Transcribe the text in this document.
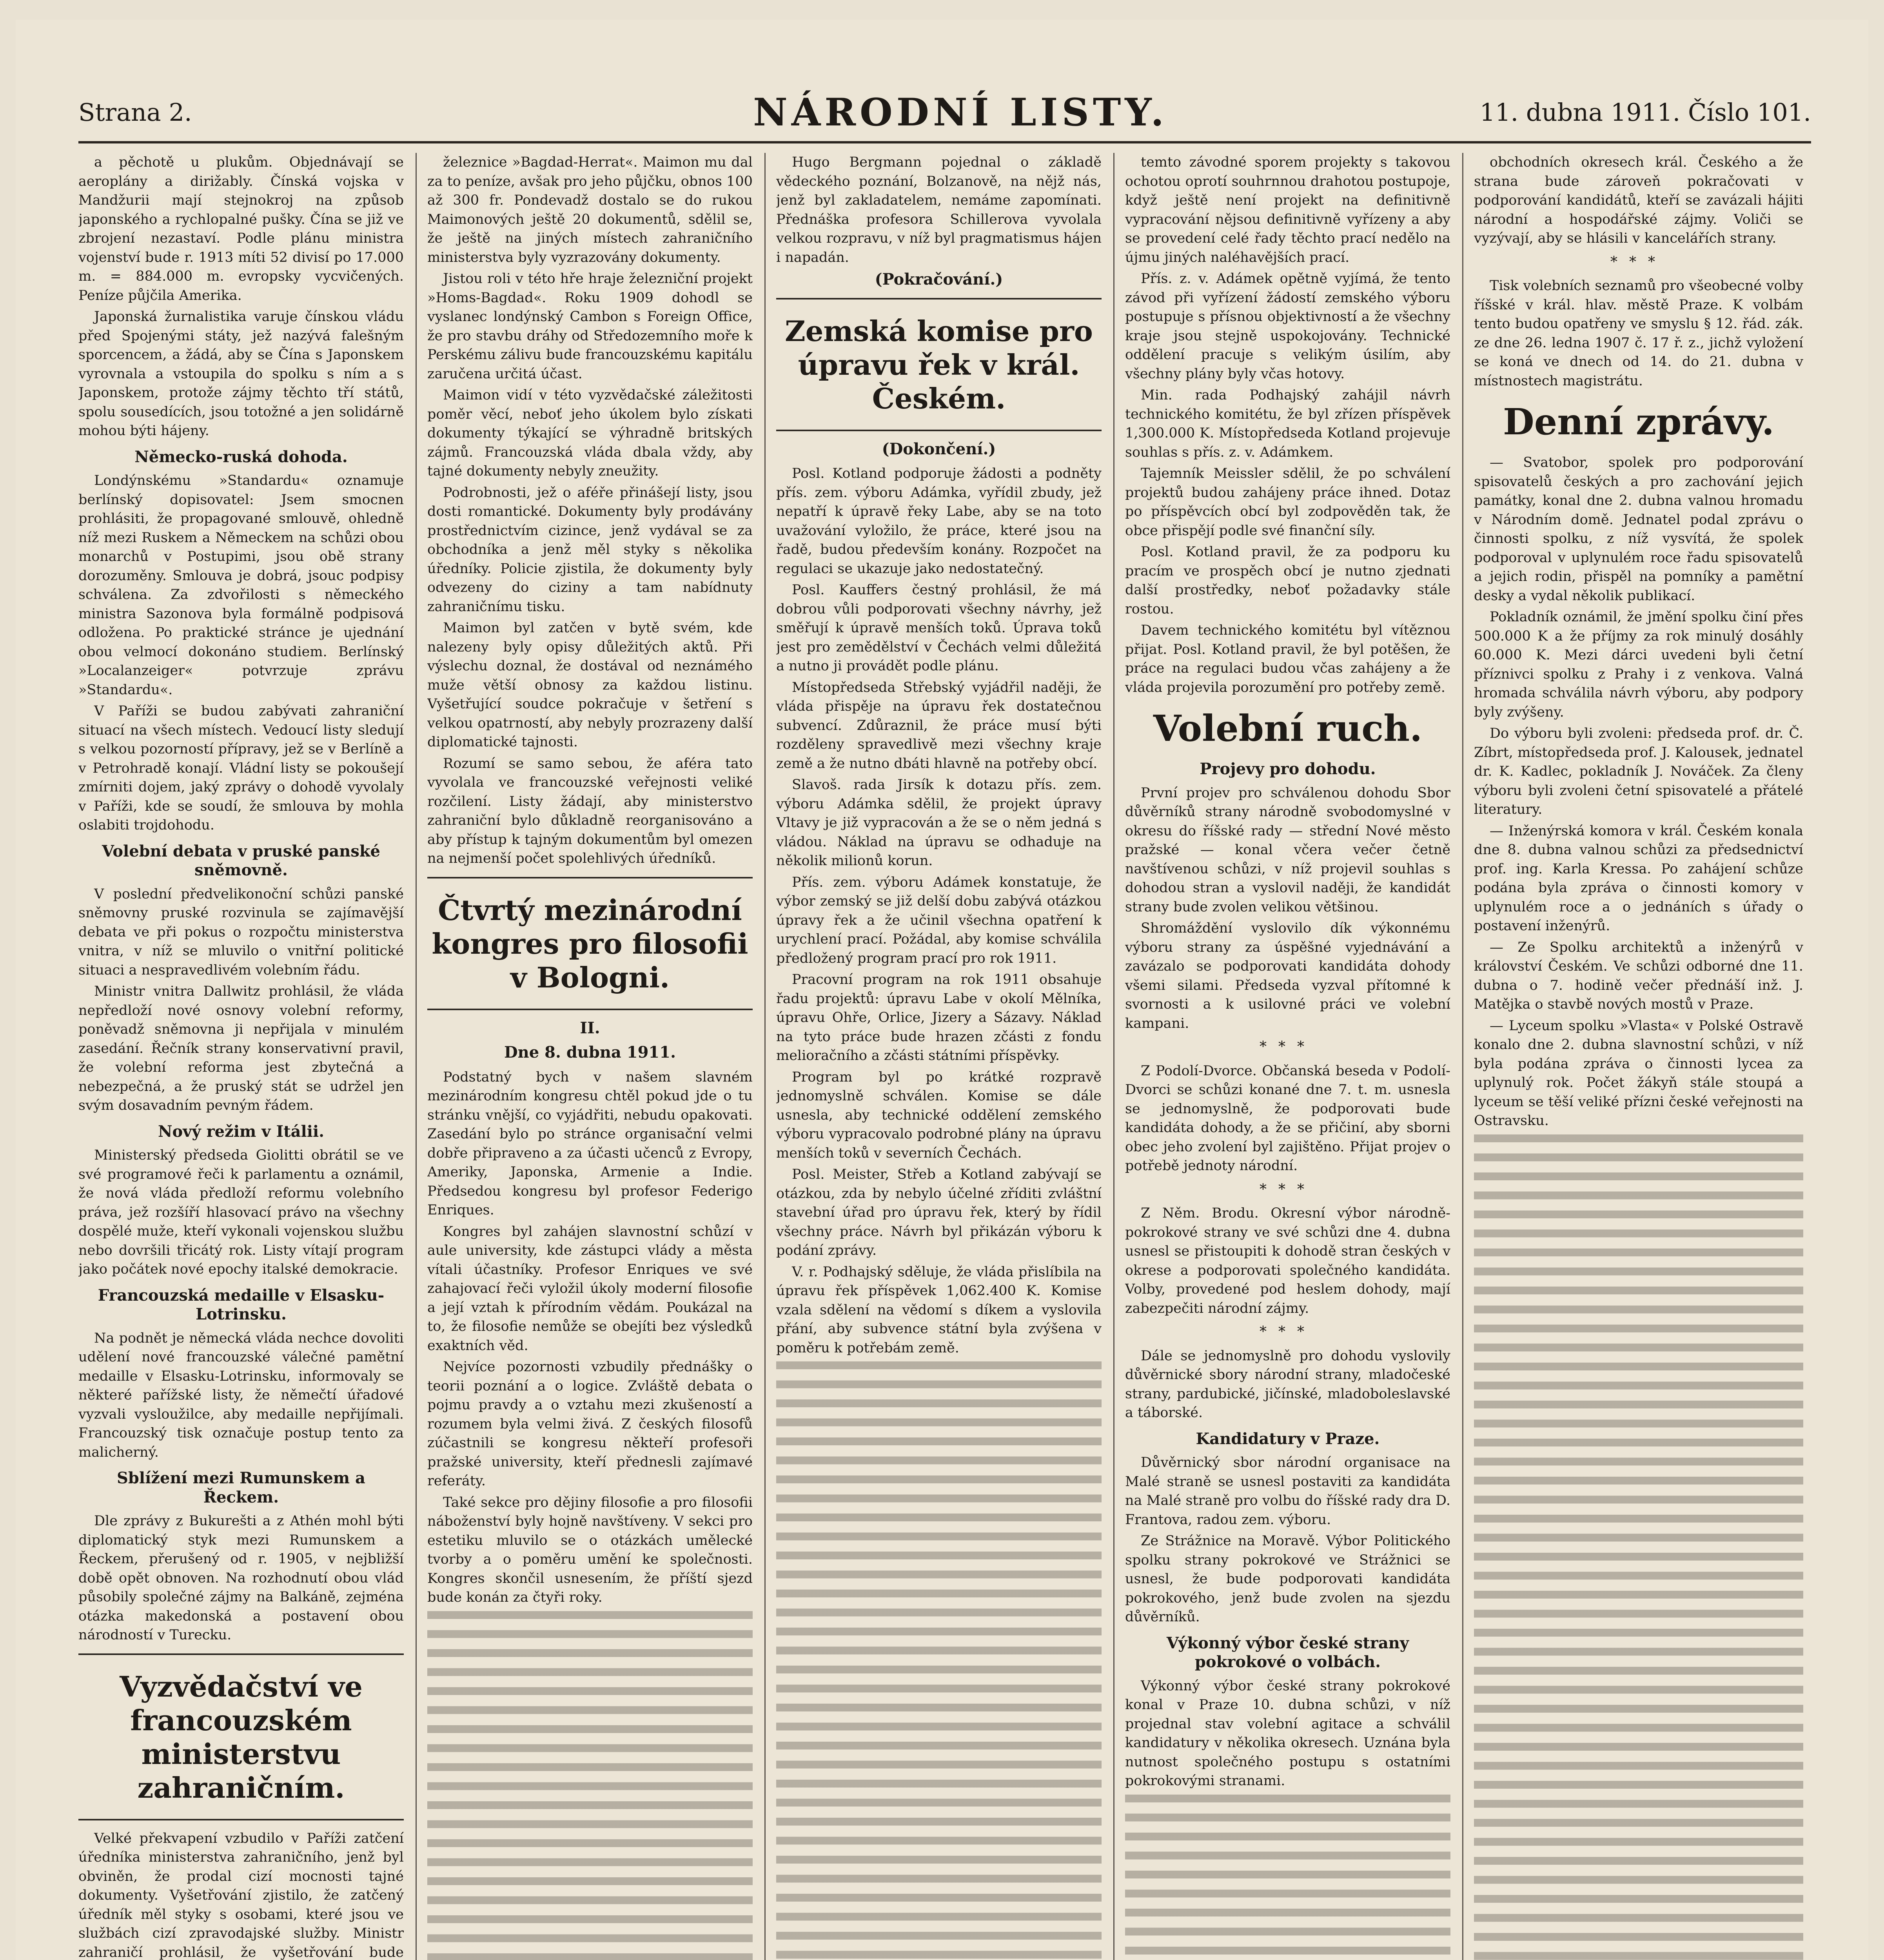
Strana 2.	NÁRODNÍ LISTY.	11. dubna 1911. Číslo 101.

a pěchotě u plukům. Objednávají se aeroplány a dirižably. Čínská vojska v Mandžurii mají stejnokroj na způsob japonského a rychlopalné pušky. Čína se již ve zbrojení nezastaví. Podle plánu ministra vojenství bude r. 1913 míti 52 divisí po 17.000 m. = 884.000 m. evropsky vycvičených. Peníze půjčila Amerika.

Japonská žurnalistika varuje čínskou vládu před Spojenými státy, jež nazývá falešným sporcencem, a žádá, aby se Čína s Japonskem vyrovnala a vstoupila do spolku s ním a s Japonskem, protože zájmy těchto tří států, spolu sousedících, jsou totožné a jen solidárně mohou býti hájeny.

Německo-ruská dohoda.

Londýnskému »Standardu« oznamuje berlínský dopisovatel: Jsem smocnen prohlásiti, že propagované smlouvě, ohledně níž mezi Ruskem a Německem na schůzi obou monarchů v Postupimi, jsou obě strany dorozuměny. Smlouva je dobrá, jsouc podpisy schválena. Za zdvořilosti s německého ministra Sazonova byla formálně podpisová odložena. Po praktické stránce je ujednání obou velmocí dokonáno studiem. Berlínský »Localanzeiger« potvrzuje zprávu »Standardu«.

V Paříži se budou zabývati zahraniční situací na všech místech. Vedoucí listy sledují s velkou pozorností přípravy, jež se v Berlíně a v Petrohradě konají. Vládní listy se pokoušejí zmírniti dojem, jaký zprávy o dohodě vyvolaly v Paříži, kde se soudí, že smlouva by mohla oslabiti trojdohodu.

Volební debata v pruské panské sněmovně.

V poslední předvelikonoční schůzi panské sněmovny pruské rozvinula se zajímavější debata ve při pokus o rozpočtu ministerstva vnitra, v níž se mluvilo o vnitřní politické situaci a nespravedlivém volebním řádu.

Ministr vnitra Dallwitz prohlásil, že vláda nepředloží nové osnovy volební reformy, poněvadž sněmovna ji nepřijala v minulém zasedání. Řečník strany konservativní pravil, že volební reforma jest zbytečná a nebezpečná, a že pruský stát se udržel jen svým dosavadním pevným řádem.

Nový režim v Itálii.

Ministerský předseda Giolitti obrátil se ve své programové řeči k parlamentu a oznámil, že nová vláda předloží reformu volebního práva, jež rozšíří hlasovací právo na všechny dospělé muže, kteří vykonali vojenskou službu nebo dovršili třicátý rok. Listy vítají program jako počátek nové epochy italské demokracie.

Francouzská medaille v Elsasku-Lotrinsku.

Na podnět je německá vláda nechce dovoliti udělení nové francouzské válečné pamětní medaille v Elsasku-Lotrinsku, informovaly se některé pařížské listy, že němečtí úřadové vyzvali vysloužilce, aby medaille nepřijímali. Francouzský tisk označuje postup tento za malicherný.

Sblížení mezi Rumunskem a Řeckem.

Dle zprávy z Bukurešti a z Athén mohl býti diplomatický styk mezi Rumunskem a Řeckem, přerušený od r. 1905, v nejbližší době opět obnoven. Na rozhodnutí obou vlád působily společné zájmy na Balkáně, zejména otázka makedonská a postavení obou národností v Turecku.

Vyzvědačství ve francouzském ministerstvu zahraničním.

Velké překvapení vzbudilo v Paříži zatčení úředníka ministerstva zahraničního, jenž byl obviněn, že prodal cizí mocnosti tajné dokumenty. Vyšetřování zjistilo, že zatčený úředník měl styky s osobami, které jsou ve službách cizí zpravodajské služby. Ministr zahraničí prohlásil, že vyšetřování bude

železnice »Bagdad-Herrat«. Maimon mu dal za to peníze, avšak pro jeho půjčku, obnos 100 až 300 fr. Pondevadž dostalo se do rukou Maimonových ještě 20 dokumentů, sdělil se, že ještě na jiných místech zahraničního ministerstva byly vyzrazovány dokumenty.

Jistou roli v této hře hraje železniční projekt »Homs-Bagdad«. Roku 1909 dohodl se vyslanec londýnský Cambon s Foreign Office, že pro stavbu dráhy od Středozemního moře k Perskému zálivu bude francouzskému kapitálu zaručena určitá účast.

Maimon vidí v této vyzvědačské záležitosti poměr věcí, neboť jeho úkolem bylo získati dokumenty týkající se výhradně britských zájmů. Francouzská vláda dbala vždy, aby tajné dokumenty nebyly zneužity.

Podrobnosti, jež o aféře přinášejí listy, jsou dosti romantické. Dokumenty byly prodávány prostřednictvím cizince, jenž vydával se za obchodníka a jenž měl styky s několika úředníky. Policie zjistila, že dokumenty byly odvezeny do ciziny a tam nabídnuty zahraničnímu tisku.

Maimon byl zatčen v bytě svém, kde nalezeny byly opisy důležitých aktů. Při výslechu doznal, že dostával od neznámého muže větší obnosy za každou listinu. Vyšetřující soudce pokračuje v šetření s velkou opatrností, aby nebyly prozrazeny další diplomatické tajnosti.

Rozumí se samo sebou, že aféra tato vyvolala ve francouzské veřejnosti veliké rozčilení. Listy žádají, aby ministerstvo zahraniční bylo důkladně reorganisováno a aby přístup k tajným dokumentům byl omezen na nejmenší počet spolehlivých úředníků.

Čtvrtý mezinárodní kongres pro filosofii v Bologni.
II.
Dne 8. dubna 1911.

Podstatný bych v našem slavném mezinárodním kongresu chtěl pokud jde o tu stránku vnější, co vyjádřiti, nebudu opakovati. Zasedání bylo po stránce organisační velmi dobře připraveno a za účasti učenců z Evropy, Ameriky, Japonska, Armenie a Indie. Předsedou kongresu byl profesor Federigo Enriques.

Kongres byl zahájen slavnostní schůzí v aule university, kde zástupci vlády a města vítali účastníky. Profesor Enriques ve své zahajovací řeči vyložil úkoly moderní filosofie a její vztah k přírodním vědám. Poukázal na to, že filosofie nemůže se obejíti bez výsledků exaktních věd.

Nejvíce pozornosti vzbudily přednášky o teorii poznání a o logice. Zvláště debata o pojmu pravdy a o vztahu mezi zkušeností a rozumem byla velmi živá. Z českých filosofů zúčastnili se kongresu někteří profesoři pražské university, kteří přednesli zajímavé referáty.

Také sekce pro dějiny filosofie a pro filosofii náboženství byly hojně navštíveny. V sekci pro estetiku mluvilo se o otázkách umělecké tvorby a o poměru umění ke společnosti. Kongres skončil usnesením, že příští sjezd bude konán za čtyři roky.

Hugo Bergmann pojednal o základě vědeckého poznání, Bolzanově, na nějž nás, jenž byl zakladatelem, nemáme zapomínati. Přednáška profesora Schillerova vyvolala velkou rozpravu, v níž byl pragmatismus hájen i napadán.

(Pokračování.)
Zemská komise pro úpravu řek v král. Českém.
(Dokončení.)

Posl. Kotland podporuje žádosti a podněty přís. zem. výboru Adámka, vyřídil zbudy, jež nepatří k úpravě řeky Labe, aby se na toto uvažování vyložilo, že práce, které jsou na řadě, budou především konány. Rozpočet na regulaci se ukazuje jako nedostatečný.

Posl. Kauffers čestný prohlásil, že má dobrou vůli podporovati všechny návrhy, jež směřují k úpravě menších toků. Úprava toků jest pro zemědělství v Čechách velmi důležitá a nutno ji provádět podle plánu.

Místopředseda Střebský vyjádřil naději, že vláda přispěje na úpravu řek dostatečnou subvencí. Zdůraznil, že práce musí býti rozděleny spravedlivě mezi všechny kraje země a že nutno dbáti hlavně na potřeby obcí.

Slavoš. rada Jirsík k dotazu přís. zem. výboru Adámka sdělil, že projekt úpravy Vltavy je již vypracován a že se o něm jedná s vládou. Náklad na úpravu se odhaduje na několik milionů korun.

Přís. zem. výboru Adámek konstatuje, že výbor zemský se již delší dobu zabývá otázkou úpravy řek a že učinil všechna opatření k urychlení prací. Požádal, aby komise schválila předložený program prací pro rok 1911.

Pracovní program na rok 1911 obsahuje řadu projektů: úpravu Labe v okolí Mělníka, úpravu Ohře, Orlice, Jizery a Sázavy. Náklad na tyto práce bude hrazen zčásti z fondu melioračního a zčásti státními příspěvky.

Program byl po krátké rozpravě jednomyslně schválen. Komise se dále usnesla, aby technické oddělení zemského výboru vypracovalo podrobné plány na úpravu menších toků v severních Čechách.

Posl. Meister, Střeb a Kotland zabývají se otázkou, zda by nebylo účelné zříditi zvláštní stavební úřad pro úpravu řek, který by řídil všechny práce. Návrh byl přikázán výboru k podání zprávy.

V. r. Podhajský sděluje, že vláda přislíbila na úpravu řek příspěvek 1,062.400 K. Komise vzala sdělení na vědomí s díkem a vyslovila přání, aby subvence státní byla zvýšena v poměru k potřebám země.

temto závodné sporem projekty s takovou ochotou oprotí souhrnnou drahotou postupoje, když ještě není projekt na definitivně vypracování nějsou definitivně vyřízeny a aby se provedení celé řady těchto prací nedělo na újmu jiných naléhavějších prací.

Přís. z. v. Adámek opětně vyjímá, že tento závod při vyřízení žádostí zemského výboru postupuje s přísnou objektivností a že všechny kraje jsou stejně uspokojovány. Technické oddělení pracuje s velikým úsilím, aby všechny plány byly včas hotovy.

Min. rada Podhajský zahájil návrh technického komitétu, že byl zřízen příspěvek 1,300.000 K. Místopředseda Kotland projevuje souhlas s přís. z. v. Adámkem.

Tajemník Meissler sdělil, že po schválení projektů budou zahájeny práce ihned. Dotaz po příspěvcích obcí byl zodpověděn tak, že obce přispějí podle své finanční síly.

Posl. Kotland pravil, že za podporu ku pracím ve prospěch obcí je nutno zjednati další prostředky, neboť požadavky stále rostou.

Davem technického komitétu byl vítěznou přijat. Posl. Kotland pravil, že byl potěšen, že práce na regulaci budou včas zahájeny a že vláda projevila porozumění pro potřeby země.

Volební ruch.
Projevy pro dohodu.

První projev pro schválenou dohodu Sbor důvěrníků strany národně svobodomyslné v okresu do říšské rady — střední Nové město pražské — konal včera večer četně navštívenou schůzi, v níž projevil souhlas s dohodou stran a vyslovil naději, že kandidát strany bude zvolen velikou většinou.

Shromáždění vyslovilo dík výkonnému výboru strany za úspěšné vyjednávání a zavázalo se podporovati kandidáta dohody všemi silami. Předseda vyzval přítomné k svornosti a k usilovné práci ve volební kampani.

***

Z Podolí-Dvorce. Občanská beseda v Podolí-Dvorci se schůzi konané dne 7. t. m. usnesla se jednomyslně, že podporovati bude kandidáta dohody, a že se přičiní, aby sborni obec jeho zvolení byl zajištěno. Přijat projev o potřebě jednoty národní.

***

Z Něm. Brodu. Okresní výbor národně-pokrokové strany ve své schůzi dne 4. dubna usnesl se přistoupiti k dohodě stran českých v okrese a podporovati společného kandidáta. Volby, provedené pod heslem dohody, mají zabezpečiti národní zájmy.

***

Dále se jednomyslně pro dohodu vyslovily důvěrnické sbory národní strany, mladočeské strany, pardubické, jičínské, mladoboleslavské a táborské.

Kandidatury v Praze.

Důvěrnický sbor národní organisace na Malé straně se usnesl postaviti za kandidáta na Malé straně pro volbu do říšské rady dra D. Frantova, radou zem. výboru.

Ze Strážnice na Moravě. Výbor Politického spolku strany pokrokové ve Strážnici se usnesl, že bude podporovati kandidáta pokrokového, jenž bude zvolen na sjezdu důvěrníků.

Výkonný výbor české strany pokrokové o volbách.

Výkonný výbor české strany pokrokové konal v Praze 10. dubna schůzi, v níž projednal stav volební agitace a schválil kandidatury v několika okresech. Uznána byla nutnost společného postupu s ostatními pokrokovými stranami.

obchodních okresech král. Českého a že strana bude zároveň pokračovati v podporování kandidátů, kteří se zavázali hájiti národní a hospodářské zájmy. Voliči se vyzývají, aby se hlásili v kancelářích strany.

***

Tisk volebních seznamů pro všeobecné volby říšské v král. hlav. městě Praze. K volbám tento budou opatřeny ve smyslu § 12. řád. zák. ze dne 26. ledna 1907 č. 17 ř. z., jichž vyložení se koná ve dnech od 14. do 21. dubna v místnostech magistrátu.

Denní zprávy.

— Svatobor, spolek pro podporování spisovatelů českých a pro zachování jejich památky, konal dne 2. dubna valnou hromadu v Národním domě. Jednatel podal zprávu o činnosti spolku, z níž vysvítá, že spolek podporoval v uplynulém roce řadu spisovatelů a jejich rodin, přispěl na pomníky a pamětní desky a vydal několik publikací.

Pokladník oznámil, že jmění spolku činí přes 500.000 K a že příjmy za rok minulý dosáhly 60.000 K. Mezi dárci uvedeni byli četní příznivci spolku z Prahy i z venkova. Valná hromada schválila návrh výboru, aby podpory byly zvýšeny.

Do výboru byli zvoleni: předseda prof. dr. Č. Zíbrt, místopředseda prof. J. Kalousek, jednatel dr. K. Kadlec, pokladník J. Nováček. Za členy výboru byli zvoleni četní spisovatelé a přátelé literatury.

— Inženýrská komora v král. Českém konala dne 8. dubna valnou schůzi za předsednictví prof. ing. Karla Kressa. Po zahájení schůze podána byla zpráva o činnosti komory v uplynulém roce a o jednáních s úřady o postavení inženýrů.

— Ze Spolku architektů a inženýrů v království Českém. Ve schůzi odborné dne 11. dubna o 7. hodině večer přednáší inž. J. Matějka o stavbě nových mostů v Praze.

— Lyceum spolku »Vlasta« v Polské Ostravě konalo dne 2. dubna slavnostní schůzi, v níž byla podána zpráva o činnosti lycea za uplynulý rok. Počet žákyň stále stoupá a lyceum se těší veliké přízni české veřejnosti na Ostravsku.
